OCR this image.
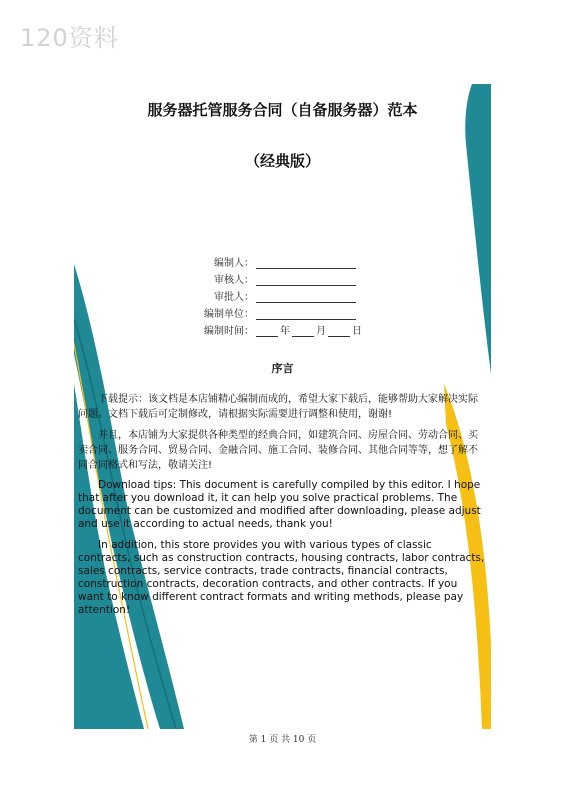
120资料
服务器托管服务合同（自备服务器）范本
（经典版）
编制人：
审核人：
审批人：
编制单位：
编制时间：	年	月	日
序言

下载提示：该文档是本店铺精心编制而成的，希望大家下载后，能够帮助大家解决实际问题。文档下载后可定制修改，请根据实际需要进行调整和使用，谢谢!

并且，本店铺为大家提供各种类型的经典合同，如建筑合同、房屋合同、劳动合同、买卖合同、服务合同、贸易合同、金融合同、施工合同、装修合同、其他合同等等，想了解不同合同格式和写法，敬请关注!

Download tips: This document is carefully compiled by this editor. I hope that after you download it, it can help you solve practical problems. The document can be customized and modified after downloading, please adjust and use it according to actual needs, thank you!

In addition, this store provides you with various types of classic contracts, such as construction contracts, housing contracts, labor contracts, sales contracts, service contracts, trade contracts, financial contracts, construction contracts, decoration contracts, and other contracts. If you want to know different contract formats and writing methods, please pay attention!

第 1 页 共 10 页
